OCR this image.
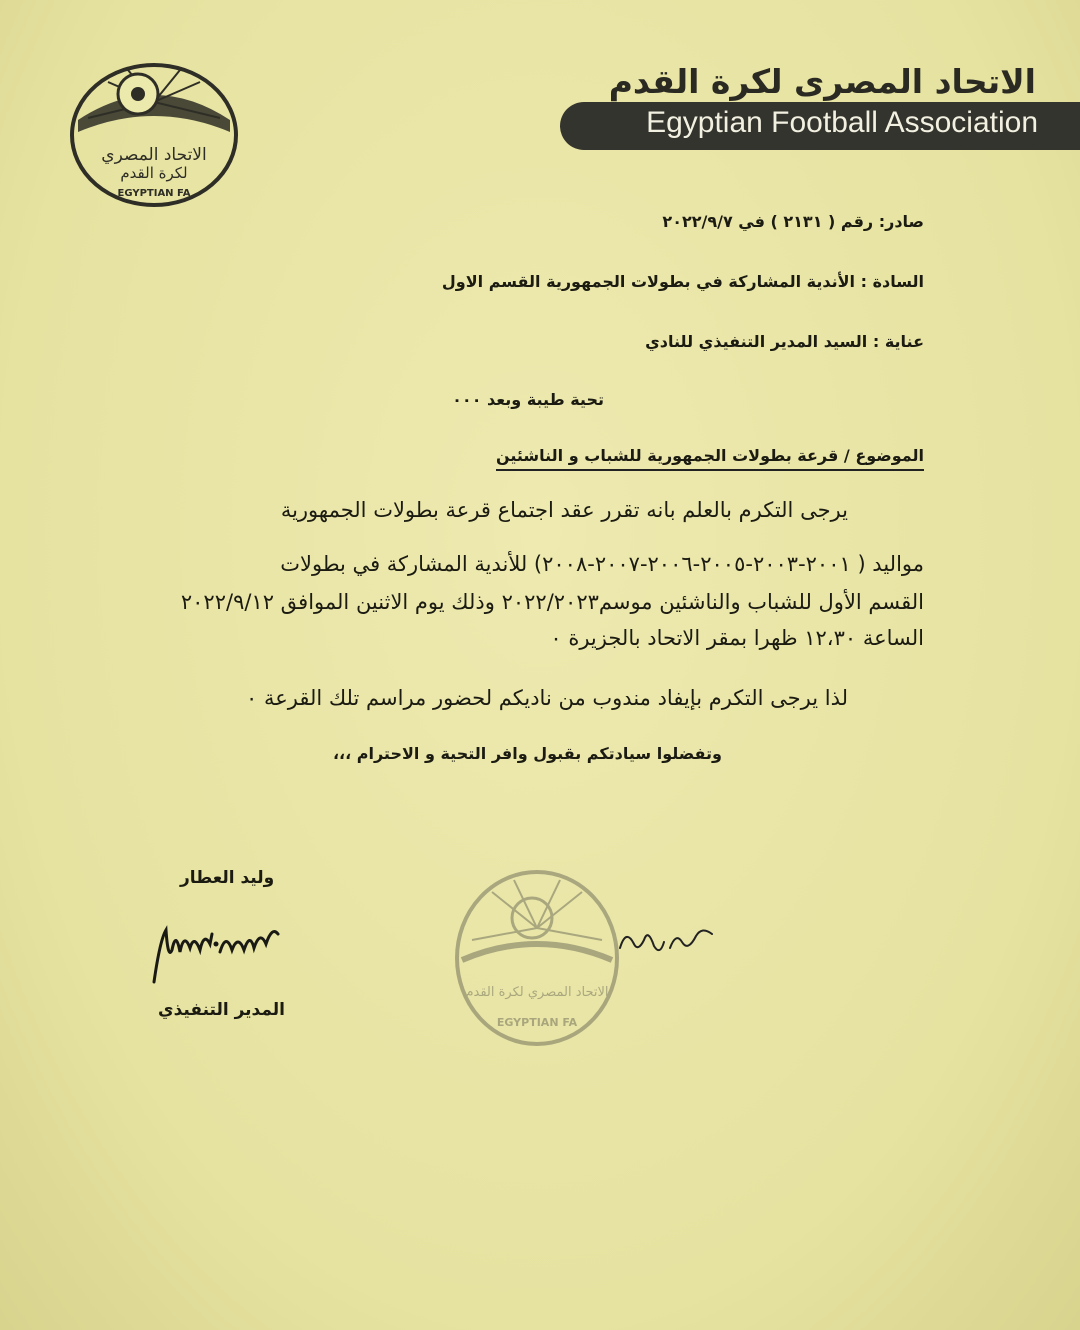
الاتحاد المصري
لكرة القدم
EGYPTIAN FA
الاتحاد المصرى لكرة القدم
Egyptian Football Association
صادر: رقم ( ٢١٣١ ) في ٢٠٢٢/٩/٧
السادة : الأندية المشاركة في بطولات الجمهورية القسم الاول
عناية : السيد المدير التنفيذي للنادي
تحية طيبة وبعد ٠٠٠
الموضوع / قرعة بطولات الجمهورية للشباب و الناشئين
يرجى التكرم بالعلم بانه تقرر عقد اجتماع قرعة بطولات الجمهورية
مواليد ( ٢٠٠١-٢٠٠٣-٢٠٠٥-٢٠٠٦-٢٠٠٧-٢٠٠٨) للأندية المشاركة في بطولات
القسم الأول للشباب والناشئين موسم٢٠٢٢/٢٠٢٣ وذلك يوم الاثنين الموافق ٢٠٢٢/٩/١٢
الساعة ١٢،٣٠ ظهرا بمقر الاتحاد بالجزيرة ٠
لذا يرجى التكرم بإيفاد مندوب من ناديكم لحضور مراسم تلك القرعة ٠
وتفضلوا سيادتكم بقبول وافر التحية و الاحترام ،،،
وليد العطار
المدير التنفيذي
الاتحاد المصري لكرة القدم
EGYPTIAN FA
